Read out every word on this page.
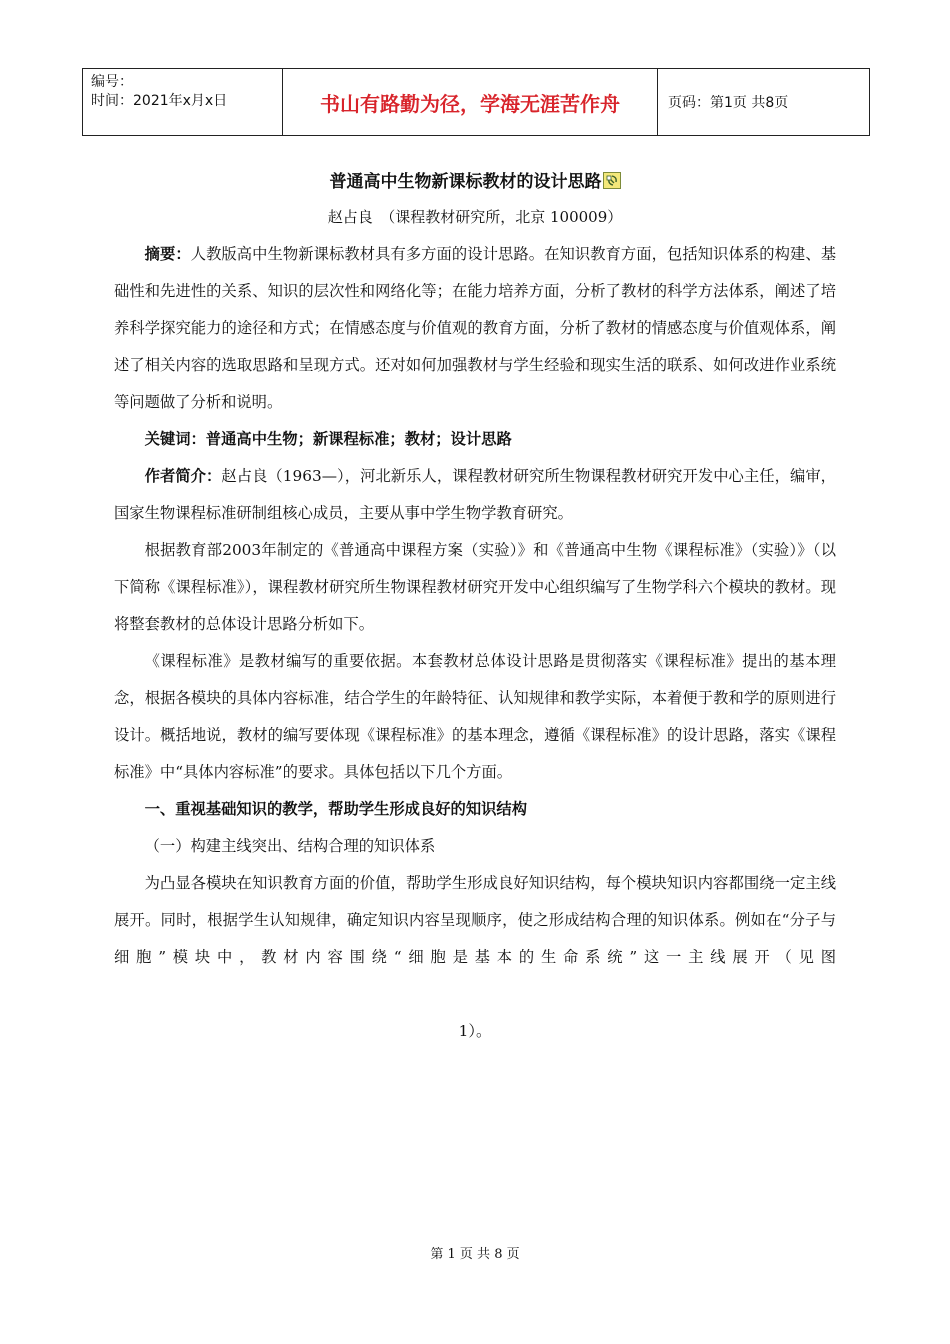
编号：
时间：2021年x月x日	书山有路勤为径，学海无涯苦作舟	页码：第1页 共8页
普通高中生物新课标教材的设计思路
赵占良　（课程教材研究所，北京 100009）

摘要：人教版高中生物新课标教材具有多方面的设计思路。在知识教育方面，包括知识体系的构建、基础性和先进性的关系、知识的层次性和网络化等；在能力培养方面，分析了教材的科学方法体系，阐述了培养科学探究能力的途径和方式；在情感态度与价值观的教育方面，分析了教材的情感态度与价值观体系，阐述了相关内容的选取思路和呈现方式。还对如何加强教材与学生经验和现实生活的联系、如何改进作业系统等问题做了分析和说明。

关键词：普通高中生物；新课程标准；教材；设计思路

作者简介：赵占良（1963—），河北新乐人，课程教材研究所生物课程教材研究开发中心主任，编审，国家生物课程标准研制组核心成员，主要从事中学生物学教育研究。

根据教育部2003年制定的《普通高中课程方案（实验）》和《普通高中生物《课程标准》（实验）》（以下简称《课程标准》），课程教材研究所生物课程教材研究开发中心组织编写了生物学科六个模块的教材。现将整套教材的总体设计思路分析如下。

《课程标准》是教材编写的重要依据。本套教材总体设计思路是贯彻落实《课程标准》提出的基本理念，根据各模块的具体内容标准，结合学生的年龄特征、认知规律和教学实际，本着便于教和学的原则进行设计。概括地说，教材的编写要体现《课程标准》的基本理念，遵循《课程标准》的设计思路，落实《课程标准》中“具体内容标准”的要求。具体包括以下几个方面。

一、重视基础知识的教学，帮助学生形成良好的知识结构

（一）构建主线突出、结构合理的知识体系

为凸显各模块在知识教育方面的价值，帮助学生形成良好知识结构，每个模块知识内容都围绕一定主线展开。同时，根据学生认知规律，确定知识内容呈现顺序，使之形成结构合理的知识体系。例如在“分子与细胞”模块中，教材内容围绕“细胞是基本的生命系统”这一主线展开（见图

1）。

第 1 页 共 8 页
